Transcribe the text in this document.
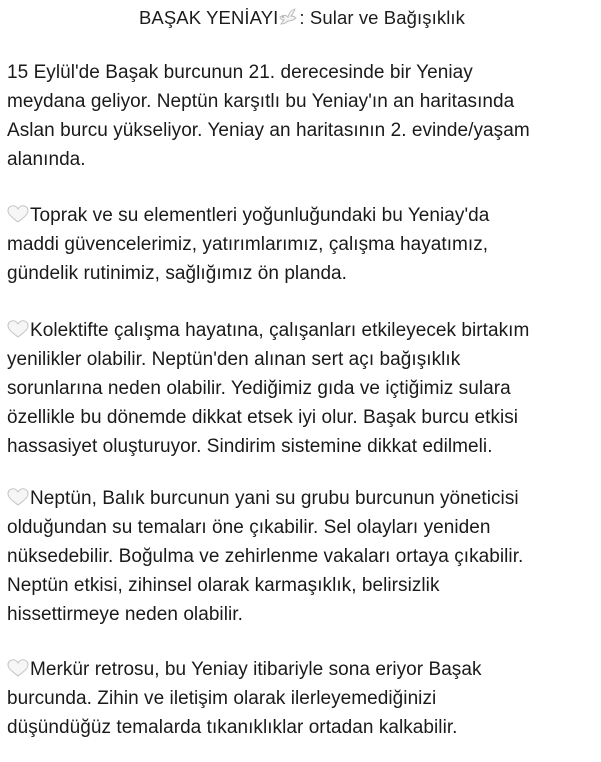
BAŞAK YENİAYI : Sular ve Bağışıklık

15 Eylül'de Başak burcunun 21. derecesinde bir Yeniay
meydana geliyor. Neptün karşıtlı bu Yeniay'ın an haritasında
Aslan burcu yükseliyor. Yeniay an haritasının 2. evinde/yaşam
alanında.

Toprak ve su elementleri yoğunluğundaki bu Yeniay'da
maddi güvencelerimiz, yatırımlarımız, çalışma hayatımız,
gündelik rutinimiz, sağlığımız ön planda.

Kolektifte çalışma hayatına, çalışanları etkileyecek birtakım
yenilikler olabilir. Neptün'den alınan sert açı bağışıklık
sorunlarına neden olabilir. Yediğimiz gıda ve içtiğimiz sulara
özellikle bu dönemde dikkat etsek iyi olur. Başak burcu etkisi
hassasiyet oluşturuyor. Sindirim sistemine dikkat edilmeli.

Neptün, Balık burcunun yani su grubu burcunun yöneticisi
olduğundan su temaları öne çıkabilir. Sel olayları yeniden
nüksedebilir. Boğulma ve zehirlenme vakaları ortaya çıkabilir.
Neptün etkisi, zihinsel olarak karmaşıklık, belirsizlik
hissettirmeye neden olabilir.

Merkür retrosu, bu Yeniay itibariyle sona eriyor Başak
burcunda. Zihin ve iletişim olarak ilerleyemediğinizi
düşündüğüz temalarda tıkanıklıklar ortadan kalkabilir.
